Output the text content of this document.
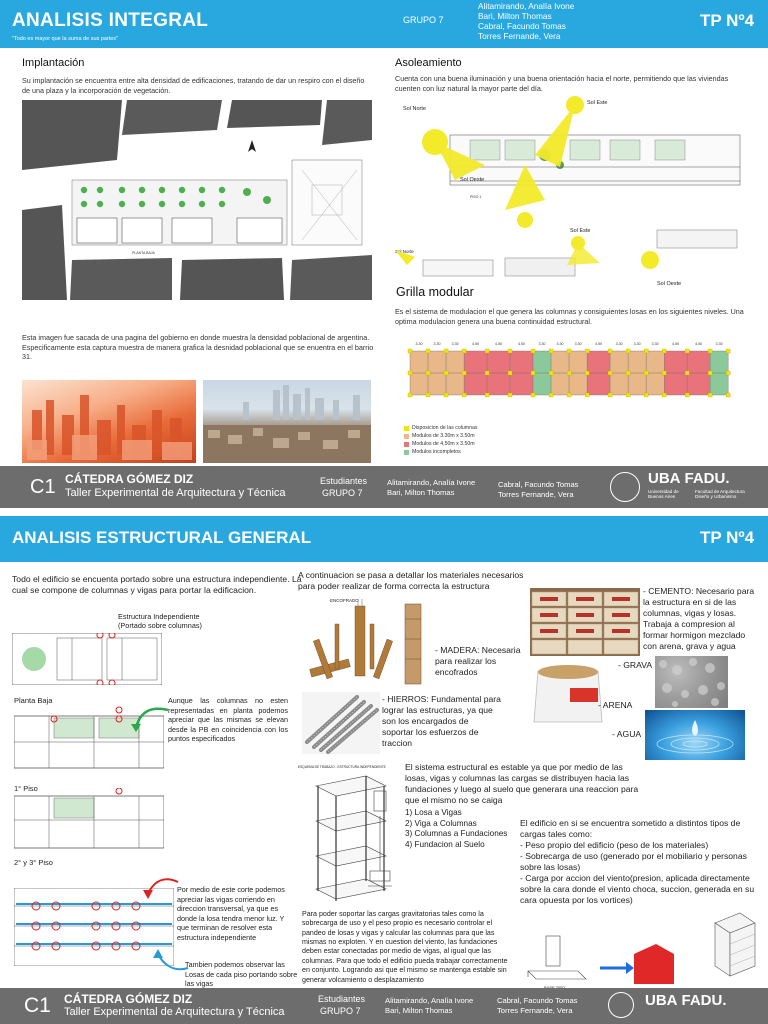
ANALISIS INTEGRAL
"Todo es mayor que la suma de sus partes"
GRUPO 7
Alitamirando, Analía Ivone
Bari, Milton Thomas
Cabral, Facundo Tomas
Torres Fernande, Vera
TP Nº4
Implantación
Su implantación se encuentra entre alta densidad de edificaciones, tratando de dar un respiro con el diseño de una plaza y la incorporación de vegetación.
PLANTA BAJA
Asoleamiento
Cuenta con una buena iluminación y una buena orientación hacia el norte, permitiendo que las viviendas cuenten con luz natural la mayor parte del día.
Sol Norte
Sol Este
Sol Oeste
PISO 1
Sol Este
Sol Norte
Sol Oeste
Grilla modular
Es el sistema de modulacion el que genera las columnas y consiguientes losas en los siguientes niveles. Una optima modulacion genera una buena continuidad estructural.
3.30	3.30	3.30	4.50	4.50	4.50	3.30	3.30	3.30	4.50	3.30	3.30	3.30	4.50	4.50	3.30
Disposicion de las columnas
Modulos de 3.30m x 3.50m
Modulos de 4,50m x 3.50m
Modulos incompletos
Esta imagen fue sacada de una pagina del gobierno en donde muestra la densidad poblacional de argentina. Especificamente esta captura muestra de manera grafica la desnidad poblacional que se enuentra en el barrio 31.
C1 CÁTEDRA GÓMEZ DIZ
Taller Experimental de Arquitectura y Técnica
Estudiantes
GRUPO 7
Alitamirando, Analía Ivone
Bari, Milton Thomas
Cabral, Facundo Tomas
Torres Fernande, Vera
UBA FADU.
Universidad de Buenos Aires
Facultad de Arquitectura Diseño y Urbanismo
ANALISIS ESTRUCTURAL GENERAL	TP Nº4
Todo el edificio se encuenta portado sobre una estructura independiente. La cual se compone de columnas y vigas para portar la edificacion.
Estructura Independiente (Portado sobre columnas)
Planta Baja
1° Piso
2° y 3° Piso
Aunque las columnas no esten representadas en planta podemos apreciar que las mismas se elevan desde la PB en coincidencia con los puntos especificados
Por medio de este corte podemos apreciar las vigas corriendo en direccion transversal, ya que es donde la losa tendra menor luz. Y que terminan de resolver esta estructura independiente
Tambien podemos observar las Losas de cada piso portando sobre las vigas
A continuacion se pasa a detallar los materiales necesarios para poder realizar de forma correcta la estructura
ENCOFRADO
- MADERA: Necesaria para realizar los encofrados
- HIERROS: Fundamental para lograr las estructuras, ya que son los encargados de soportar los esfuerzos de traccion
ESQUEMA DE TRABAJO - ESTRUCTURA INDEPENDIENTE El sistema estructural es estable ya que por medio de las losas, vigas y columnas las cargas se distribuyen hacia las fundaciones y luego al suelo que generara una reaccion para que el mismo no se caiga
1) Losa a Vigas
2) Viga a Columnas
3) Columnas a Fundaciones
4) Fundacion al Suelo
Para poder soportar las cargas gravitatorias tales como la sobrecarga de uso y el peso propio es necesario controlar el pandeo de losas y vigas y calcular las columnas para que las mismas no exploten. Y en cuestion del viento, las fundaciones deben estar conectadas por medio de vigas, al igual que las columnas. Para que todo el edificio pueda trabajar correctamente en conjunto. Logrando asi que el mismo se mantenga estable sin generar volcamiento o desplazamiento
- CEMENTO: Necesario para la estructura en si de las columnas, vigas y losas. Trabaja a compresion al formar hormigon mezclado con arena, grava y agua
- GRAVA
- ARENA
- AGUA
El edificio en si se encuentra sometido a distintos tipos de cargas tales como:
- Peso propio del edificio (peso de los materiales)
- Sobrecarga de uso (generado por el mobiliario y personas sobre las losas)
- Carga por accion del viento(presion, aplicada directamente sobre la cara donde el viento choca, succion, generada en su cara opuesta por los vortices)
C1 CÁTEDRA GÓMEZ DIZ
Taller Experimental de Arquitectura y Técnica
Estudiantes
GRUPO 7
Alitamirando, Analía Ivone
Bari, Milton Thomas
Cabral, Facundo Tomas
Torres Fernande, Vera
UBA FADU.
